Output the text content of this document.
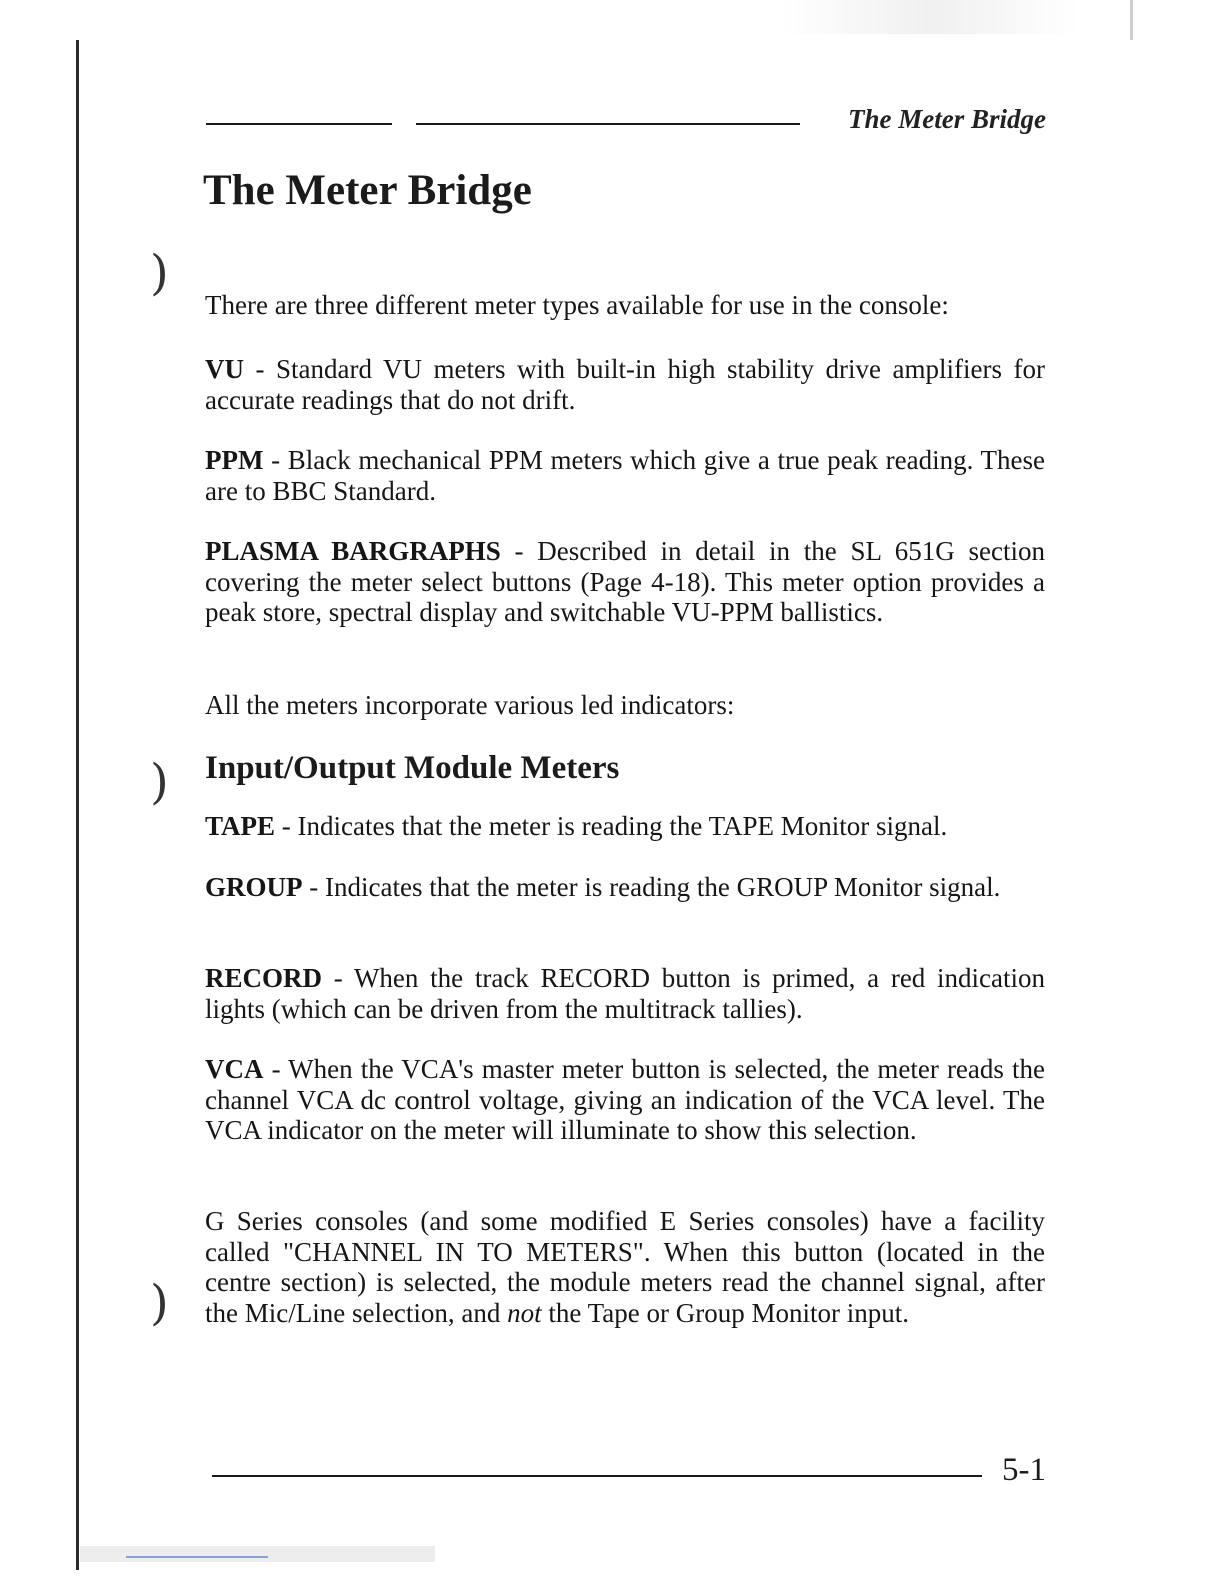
)
)
)
The Meter Bridge
The Meter Bridge

There are three different meter types available for use in the console:

VU - Standard VU meters with built-in high stability drive amplifiers for accurate readings that do not drift.

PPM - Black mechanical PPM meters which give a true peak reading. These are to BBC Standard.

PLASMA BARGRAPHS - Described in detail in the SL 651G section covering the meter select buttons (Page 4-18). This meter option provides a peak store, spectral display and switchable VU-PPM ballistics.

All the meters incorporate various led indicators:

Input/Output Module Meters

TAPE - Indicates that the meter is reading the TAPE Monitor signal.

GROUP - Indicates that the meter is reading the GROUP Monitor signal.

RECORD - When the track RECORD button is primed, a red indication lights (which can be driven from the multitrack tallies).

VCA - When the VCA's master meter button is selected, the meter reads the channel VCA dc control voltage, giving an indication of the VCA level. The VCA indicator on the meter will illuminate to show this selection.

G Series consoles (and some modified E Series consoles) have a facility called "CHANNEL IN TO METERS". When this button (located in the centre section) is selected, the module meters read the channel signal, after the Mic/Line selection, and not the Tape or Group Monitor input.

5-1
